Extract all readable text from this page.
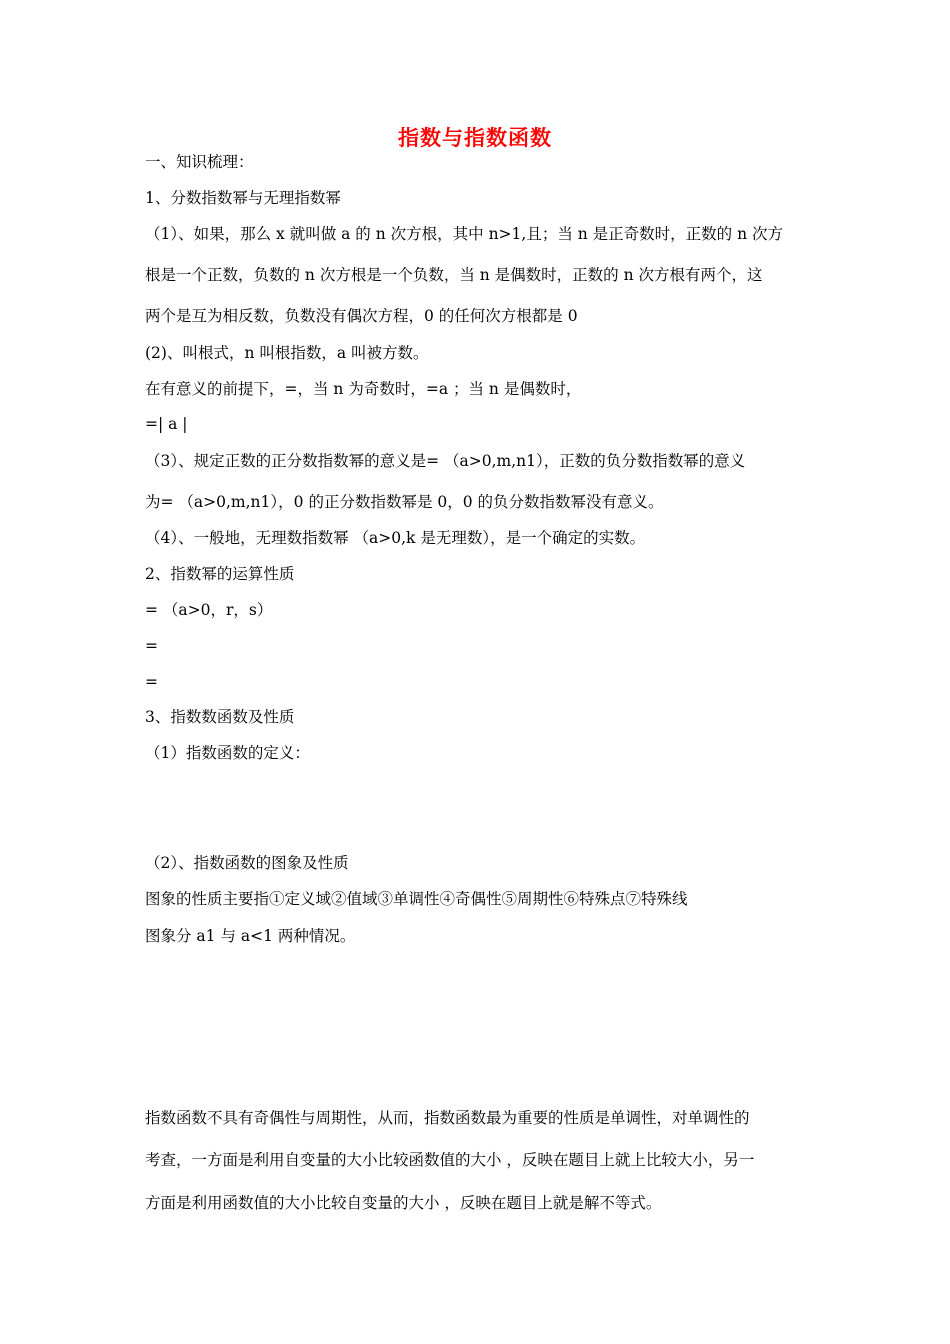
指数与指数函数
一、知识梳理：
1、分数指数幂与无理指数幂
（1）、如果，那么 x 就叫做 a 的 n 次方根，其中 n>1,且；当 n 是正奇数时，正数的 n 次方
根是一个正数，负数的 n 次方根是一个负数，当 n 是偶数时，正数的 n 次方根有两个，这
两个是互为相反数，负数没有偶次方程，0 的任何次方根都是 0
(2)、叫根式，n 叫根指数，a 叫被方数。
在有意义的前提下，=，当 n 为奇数时，=a ；当 n 是偶数时，
=| a |
（3）、规定正数的正分数指数幂的意义是= （a>0,m,n1），正数的负分数指数幂的意义
为= （a>0,m,n1），0 的正分数指数幂是 0，0 的负分数指数幂没有意义。
（4）、一般地，无理数指数幂 （a>0,k 是无理数），是一个确定的实数。
2、指数幂的运算性质
= （a>0，r，s）
=
=
3、指数数函数及性质
（1）指数函数的定义：
（2）、指数函数的图象及性质
图象的性质主要指①定义域②值域③单调性④奇偶性⑤周期性⑥特殊点⑦特殊线
图象分 a1 与 a<1 两种情况。
指数函数不具有奇偶性与周期性，从而，指数函数最为重要的性质是单调性，对单调性的
考查，一方面是利用自变量的大小比较函数值的大小 ，反映在题目上就上比较大小，另一
方面是利用函数值的大小比较自变量的大小 ，反映在题目上就是解不等式。
